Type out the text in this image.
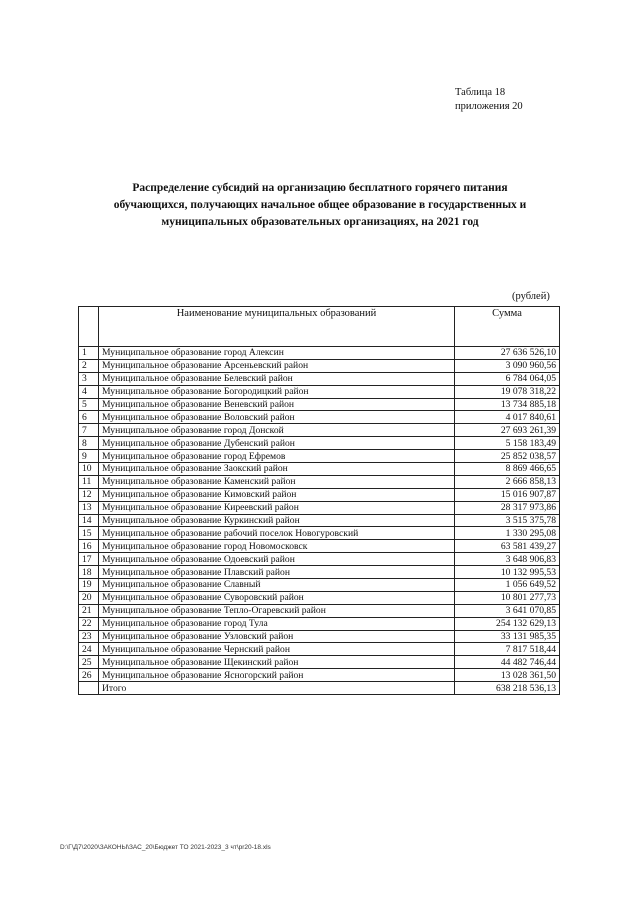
Таблица 18
приложения 20
Распределение субсидий на организацию бесплатного горячего питания
обучающихся, получающих начальное общее образование в государственных и
муниципальных образовательных организациях, на 2021 год
(рублей)
	Наименование муниципальных образований	Сумма
1	Муниципальное образование город Алексин	27 636 526,10
2	Муниципальное образование Арсеньевский район	3 090 960,56
3	Муниципальное образование Белевский район	6 784 064,05
4	Муниципальное образование Богородицкий район	19 078 318,22
5	Муниципальное образование Веневский район	13 734 885,18
6	Муниципальное образование Воловский район	4 017 840,61
7	Муниципальное образование город Донской	27 693 261,39
8	Муниципальное образование Дубенский район	5 158 183,49
9	Муниципальное образование город Ефремов	25 852 038,57
10	Муниципальное образование Заокский район	8 869 466,65
11	Муниципальное образование Каменский район	2 666 858,13
12	Муниципальное образование Кимовский район	15 016 907,87
13	Муниципальное образование Киреевский район	28 317 973,86
14	Муниципальное образование Куркинский район	3 515 375,78
15	Муниципальное образование рабочий поселок Новогуровский	1 330 295,08
16	Муниципальное образование город Новомосковск	63 581 439,27
17	Муниципальное образование Одоевский район	3 648 906,83
18	Муниципальное образование Плавский район	10 132 995,53
19	Муниципальное образование Славный	1 056 649,52
20	Муниципальное образование Суворовский район	10 801 277,73
21	Муниципальное образование Тепло-Огаревский район	3 641 070,85
22	Муниципальное образование город Тула	254 132 629,13
23	Муниципальное образование Узловский район	33 131 985,35
24	Муниципальное образование Чернский район	7 817 518,44
25	Муниципальное образование Щекинский район	44 482 746,44
26	Муниципальное образование Ясногорский район	13 028 361,50
	Итого	638 218 536,13
D:\Г\Д7\2020\ЗАКОНЫ\ЗАС_20\Бюджет ТО 2021-2023_3 чт\pr20-18.xls
